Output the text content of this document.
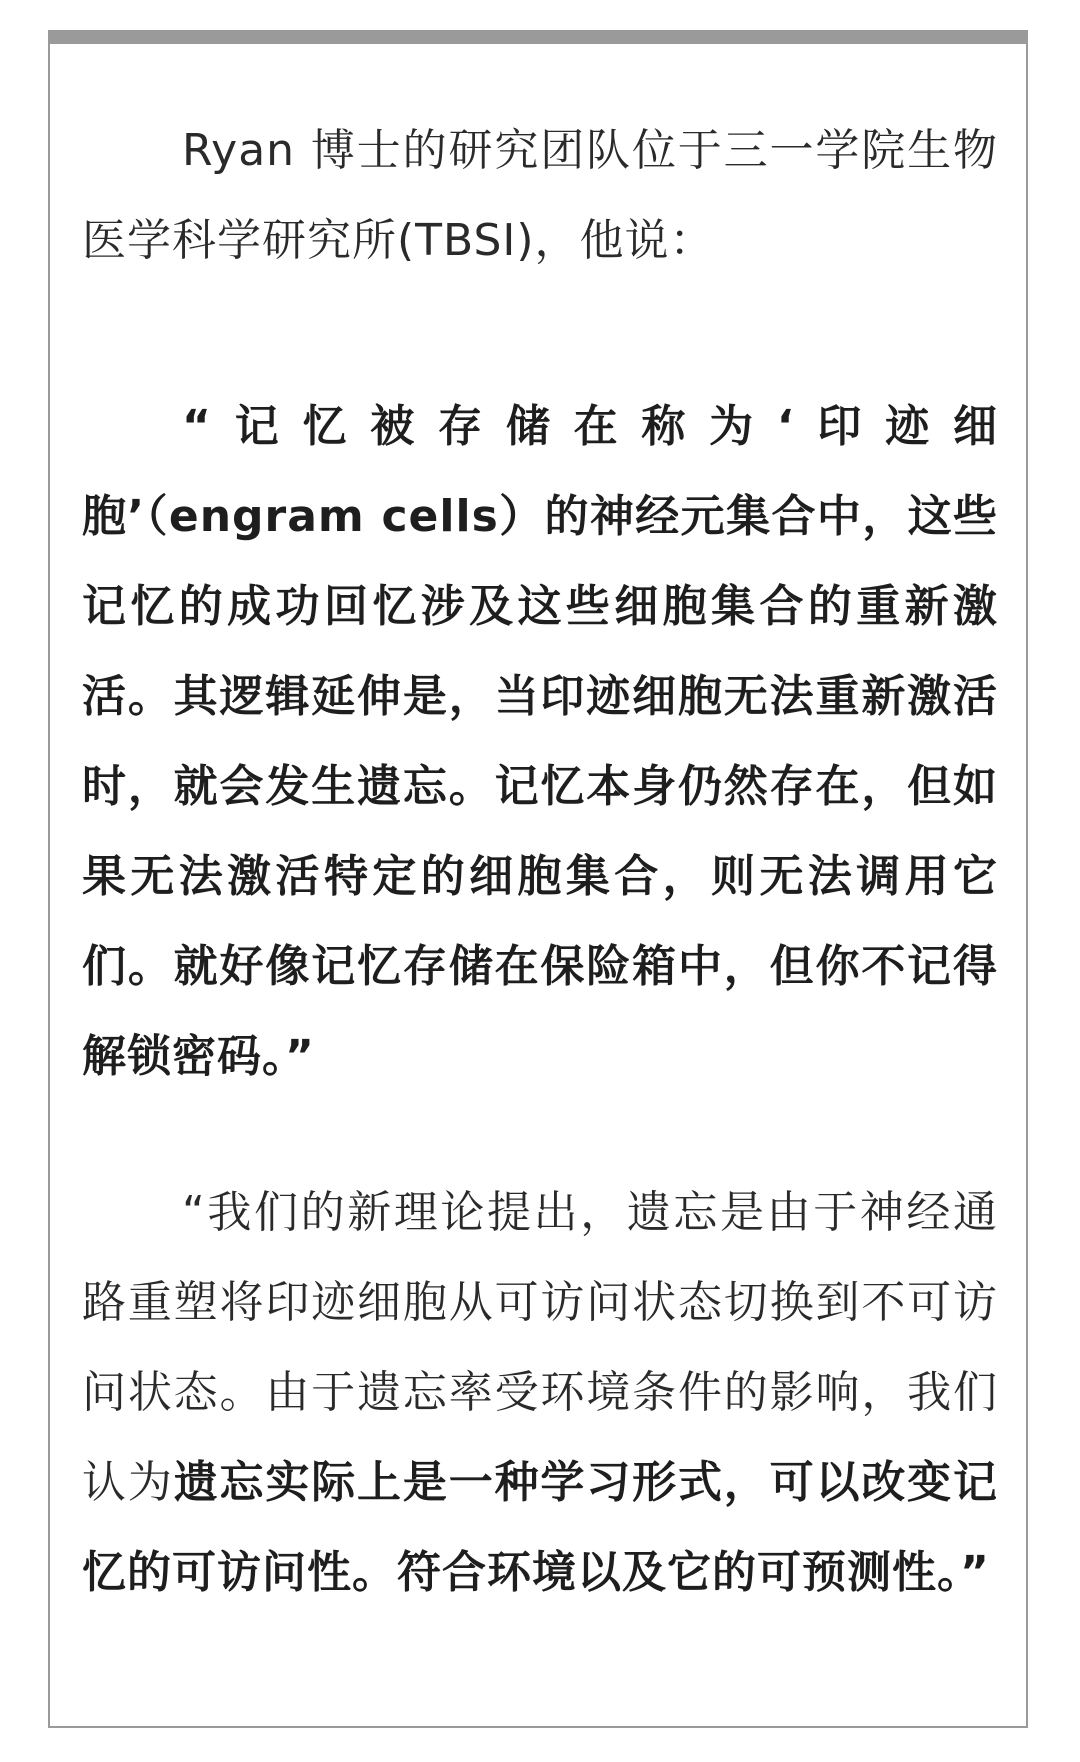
Ryan 博士的研究团队位于三一学院生物医学科学研究所(TBSI)，他说：

“记忆被存储在称为‘印迹细胞’（engram cells）的神经元集合中，这些记忆的成功回忆涉及这些细胞集合的重新激活。其逻辑延伸是，当印迹细胞无法重新激活时，就会发生遗忘。记忆本身仍然存在，但如果无法激活特定的细胞集合，则无法调用它们。就好像记忆存储在保险箱中，但你不记得解锁密码。”

“我们的新理论提出，遗忘是由于神经通路重塑将印迹细胞从可访问状态切换到不可访问状态。由于遗忘率受环境条件的影响，我们认为遗忘实际上是一种学习形式，可以改变记忆的可访问性。符合环境以及它的可预测性。”
